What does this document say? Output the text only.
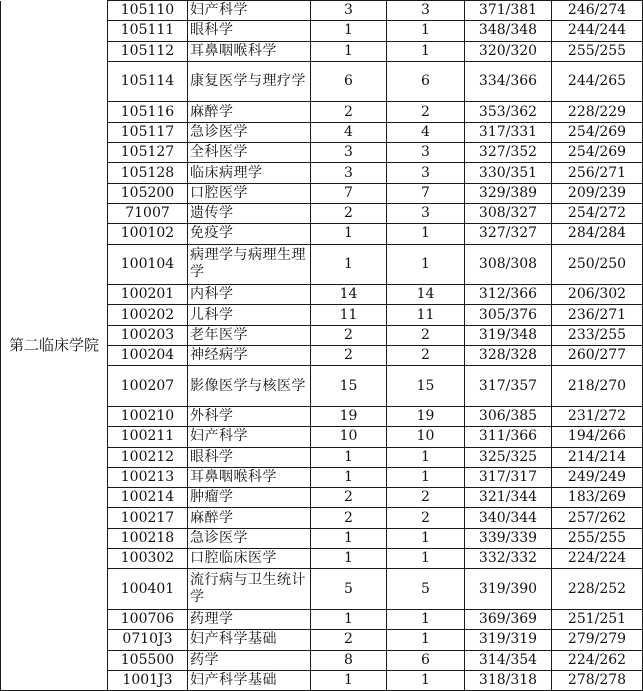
第二临床学院	105110	妇产科学	3	3	371/381	246/274
	105111	眼科学	1	1	348/348	244/244
	105112	耳鼻咽喉科学	1	1	320/320	255/255
	105114	康复医学与理疗学	6	6	334/366	244/265
	105116	麻醉学	2	2	353/362	228/229
	105117	急诊医学	4	4	317/331	254/269
	105127	全科医学	3	3	327/352	254/269
	105128	临床病理学	3	3	330/351	256/271
	105200	口腔医学	7	7	329/389	209/239
	71007	遗传学	2	3	308/327	254/272
	100102	免疫学	1	1	327/327	284/284
	100104	病理学与病理生理学	1	1	308/308	250/250
	100201	内科学	14	14	312/366	206/302
	100202	儿科学	11	11	305/376	236/271
	100203	老年医学	2	2	319/348	233/255
	100204	神经病学	2	2	328/328	260/277
	100207	影像医学与核医学	15	15	317/357	218/270
	100210	外科学	19	19	306/385	231/272
	100211	妇产科学	10	10	311/366	194/266
	100212	眼科学	1	1	325/325	214/214
	100213	耳鼻咽喉科学	1	1	317/317	249/249
	100214	肿瘤学	2	2	321/344	183/269
	100217	麻醉学	2	2	340/344	257/262
	100218	急诊医学	1	1	339/339	255/255
	100302	口腔临床医学	1	1	332/332	224/224
	100401	流行病与卫生统计学	5	5	319/390	228/252
	100706	药理学	1	1	369/369	251/251
	0710J3	妇产科学基础	2	1	319/319	279/279
	105500	药学	8	6	314/354	224/262
	1001J3	妇产科学基础	1	1	318/318	278/278
